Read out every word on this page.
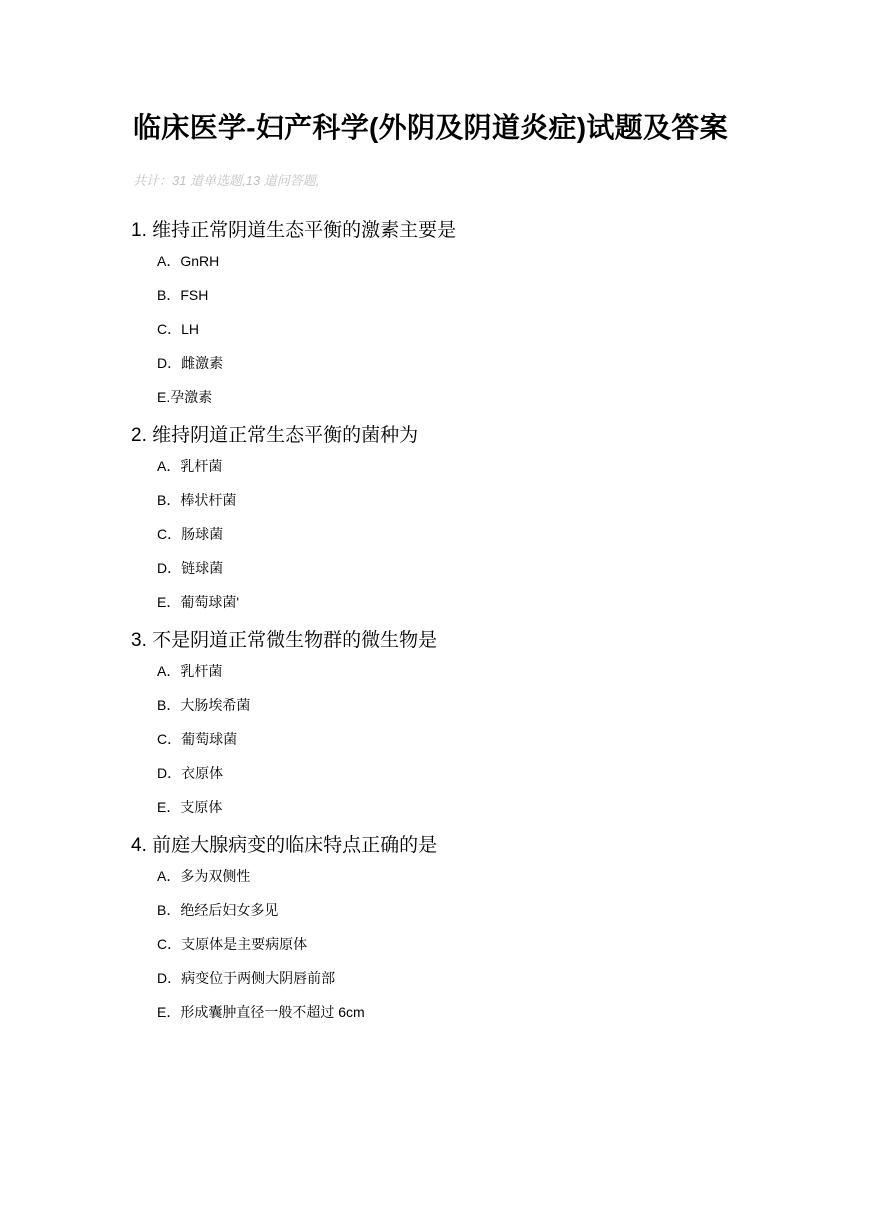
临床医学-妇产科学(外阴及阴道炎症)试题及答案
共计：31 道单选题,13 道问答题,
1. 维持正常阴道生态平衡的激素主要是
A．GnRH
B．FSH
C．LH
D．雌激素
E.孕激素
2. 维持阴道正常生态平衡的菌种为
A．乳杆菌
B．棒状杆菌
C．肠球菌
D．链球菌
E．葡萄球菌'
3. 不是阴道正常微生物群的微生物是
A．乳杆菌
B．大肠埃希菌
C．葡萄球菌
D．衣原体
E．支原体
4. 前庭大腺病变的临床特点正确的是
A．多为双侧性
B．绝经后妇女多见
C．支原体是主要病原体
D．病变位于两侧大阴唇前部
E．形成囊肿直径一般不超过 6cm
